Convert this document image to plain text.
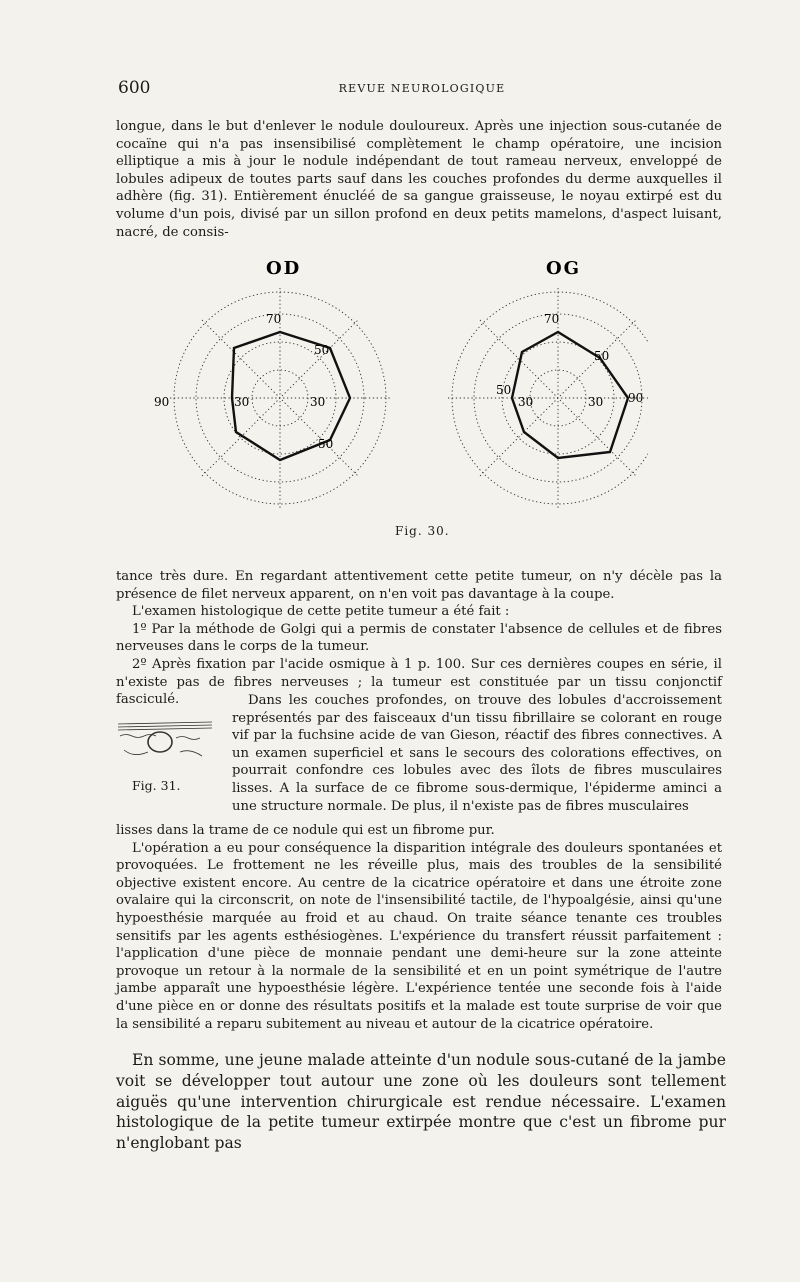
600	REVUE NEUROLOGIQUE

longue, dans le but d'enlever le nodule douloureux. Après une injection sous-cutanée de cocaïne qui n'a pas insensibilisé complètement le champ opératoire, une incision elliptique a mis à jour le nodule indépendant de tout rameau nerveux, enveloppé de lobules adipeux de toutes parts sauf dans les couches profondes du derme auxquelles il adhère (fig. 31). Entièrement énucléé de sa gangue graisseuse, le noyau extirpé est du volume d'un pois, divisé par un sillon profond en deux petits mamelons, d'aspect luisant, nacré, de consis-

OD
70
50
90	30	30
50
OG
70
50
90
50
30	30
Fig. 30.

tance très dure. En regardant attentivement cette petite tumeur, on n'y décèle pas la présence de filet nerveux apparent, on n'en voit pas davantage à la coupe.

L'examen histologique de cette petite tumeur a été fait :

1º Par la méthode de Golgi qui a permis de constater l'absence de cellules et de fibres nerveuses dans le corps de la tumeur.

2º Après fixation par l'acide osmique à 1 p. 100. Sur ces dernières coupes en série, il n'existe pas de fibres nerveuses ; la tumeur est constituée par un tissu conjonctif fasciculé.

Fig. 31.

Dans les couches profondes, on trouve des lobules d'accroissement représentés par des faisceaux d'un tissu fibrillaire se colorant en rouge vif par la fuchsine acide de van Gieson, réactif des fibres connectives. A un examen superficiel et sans le secours des colorations effectives, on pourrait confondre ces lobules avec des îlots de fibres musculaires lisses. A la surface de ce fibrome sous-dermique, l'épiderme aminci a une structure normale. De plus, il n'existe pas de fibres musculaires

lisses dans la trame de ce nodule qui est un fibrome pur.

L'opération a eu pour conséquence la disparition intégrale des douleurs spontanées et provoquées. Le frottement ne les réveille plus, mais des troubles de la sensibilité objective existent encore. Au centre de la cicatrice opératoire et dans une étroite zone ovalaire qui la circonscrit, on note de l'insensibilité tactile, de l'hypoalgésie, ainsi qu'une hypoesthésie marquée au froid et au chaud. On traite séance tenante ces troubles sensitifs par les agents esthésiogènes. L'expérience du transfert réussit parfaitement : l'application d'une pièce de monnaie pendant une demi-heure sur la zone atteinte provoque un retour à la normale de la sensibilité et en un point symétrique de l'autre jambe apparaît une hypoesthésie légère. L'expérience tentée une seconde fois à l'aide d'une pièce en or donne des résultats positifs et la malade est toute surprise de voir que la sensibilité a reparu subitement au niveau et autour de la cicatrice opératoire.

En somme, une jeune malade atteinte d'un nodule sous-cutané de la jambe voit se développer tout autour une zone où les douleurs sont tellement aiguës qu'une intervention chirurgicale est rendue nécessaire. L'examen histologique de la petite tumeur extirpée montre que c'est un fibrome pur n'englobant pas
